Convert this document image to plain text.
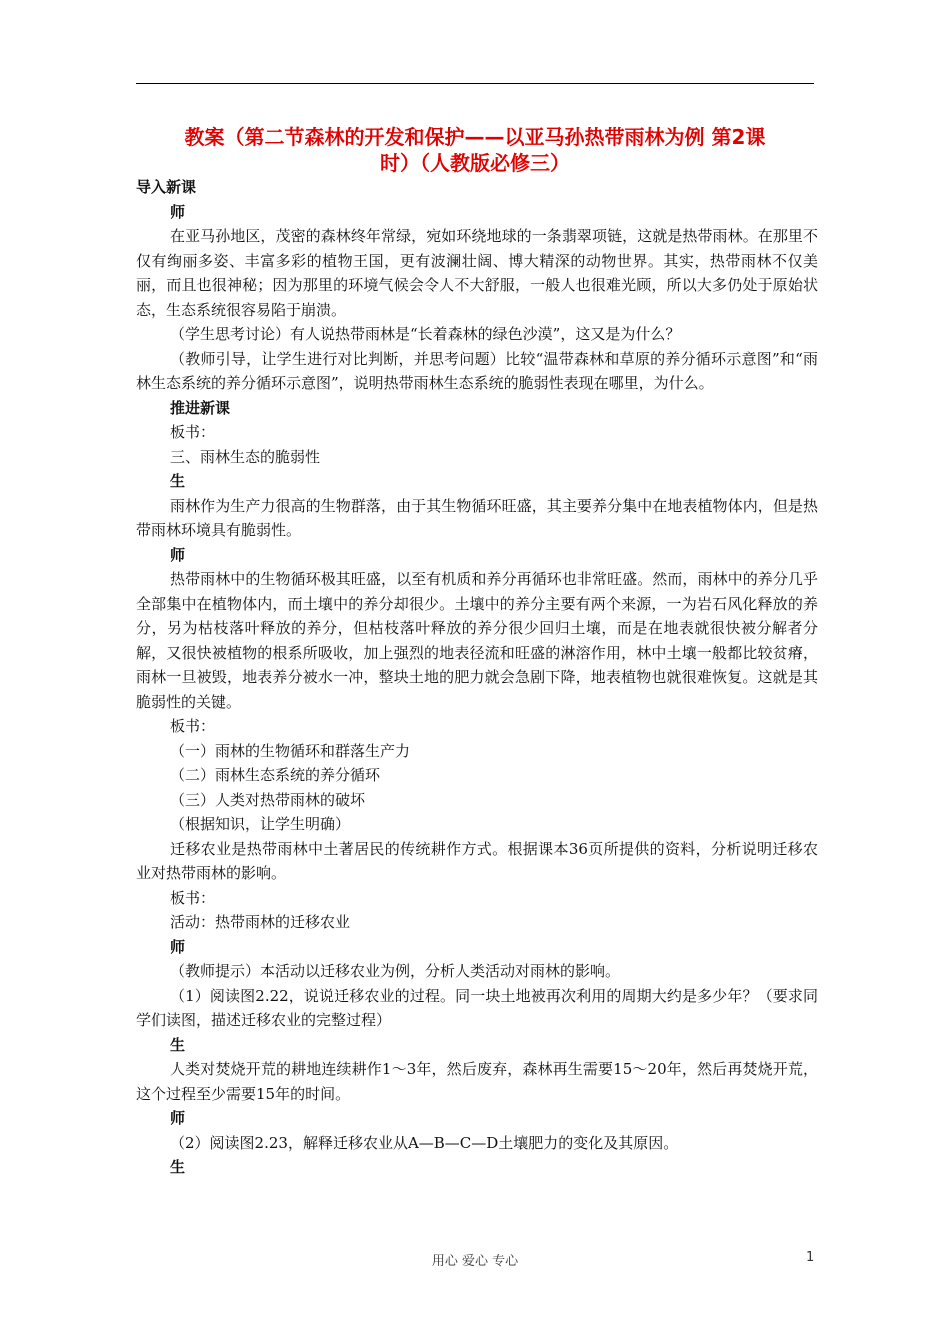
教案（第二节森林的开发和保护——以亚马孙热带雨林为例 第2课
时）（人教版必修三）

导入新课

师

在亚马孙地区，茂密的森林终年常绿，宛如环绕地球的一条翡翠项链，这就是热带雨林。在那里不仅有绚丽多姿、丰富多彩的植物王国，更有波澜壮阔、博大精深的动物世界。其实，热带雨林不仅美丽，而且也很神秘；因为那里的环境气候会令人不大舒服，一般人也很难光顾，所以大多仍处于原始状态，生态系统很容易陷于崩溃。

（学生思考讨论）有人说热带雨林是“长着森林的绿色沙漠”，这又是为什么？

（教师引导，让学生进行对比判断，并思考问题）比较“温带森林和草原的养分循环示意图”和“雨林生态系统的养分循环示意图”，说明热带雨林生态系统的脆弱性表现在哪里，为什么。

推进新课

板书：

三、雨林生态的脆弱性

生

雨林作为生产力很高的生物群落，由于其生物循环旺盛，其主要养分集中在地表植物体内，但是热带雨林环境具有脆弱性。

师

热带雨林中的生物循环极其旺盛，以至有机质和养分再循环也非常旺盛。然而，雨林中的养分几乎全部集中在植物体内，而土壤中的养分却很少。土壤中的养分主要有两个来源，一为岩石风化释放的养分，另为枯枝落叶释放的养分，但枯枝落叶释放的养分很少回归土壤，而是在地表就很快被分解者分解，又很快被植物的根系所吸收，加上强烈的地表径流和旺盛的淋溶作用，林中土壤一般都比较贫瘠，雨林一旦被毁，地表养分被水一冲，整块土地的肥力就会急剧下降，地表植物也就很难恢复。这就是其脆弱性的关键。

板书：

（一）雨林的生物循环和群落生产力

（二）雨林生态系统的养分循环

（三）人类对热带雨林的破坏

（根据知识，让学生明确）

迁移农业是热带雨林中土著居民的传统耕作方式。根据课本36页所提供的资料，分析说明迁移农业对热带雨林的影响。

板书：

活动：热带雨林的迁移农业

师

（教师提示）本活动以迁移农业为例，分析人类活动对雨林的影响。

（1）阅读图2.22，说说迁移农业的过程。同一块土地被再次利用的周期大约是多少年？（要求同学们读图，描述迁移农业的完整过程）

生

人类对焚烧开荒的耕地连续耕作1～3年，然后废弃，森林再生需要15～20年，然后再焚烧开荒，这个过程至少需要15年的时间。

师

（2）阅读图2.23，解释迁移农业从A—B—C—D土壤肥力的变化及其原因。

生

用心 爱心 专心	1
